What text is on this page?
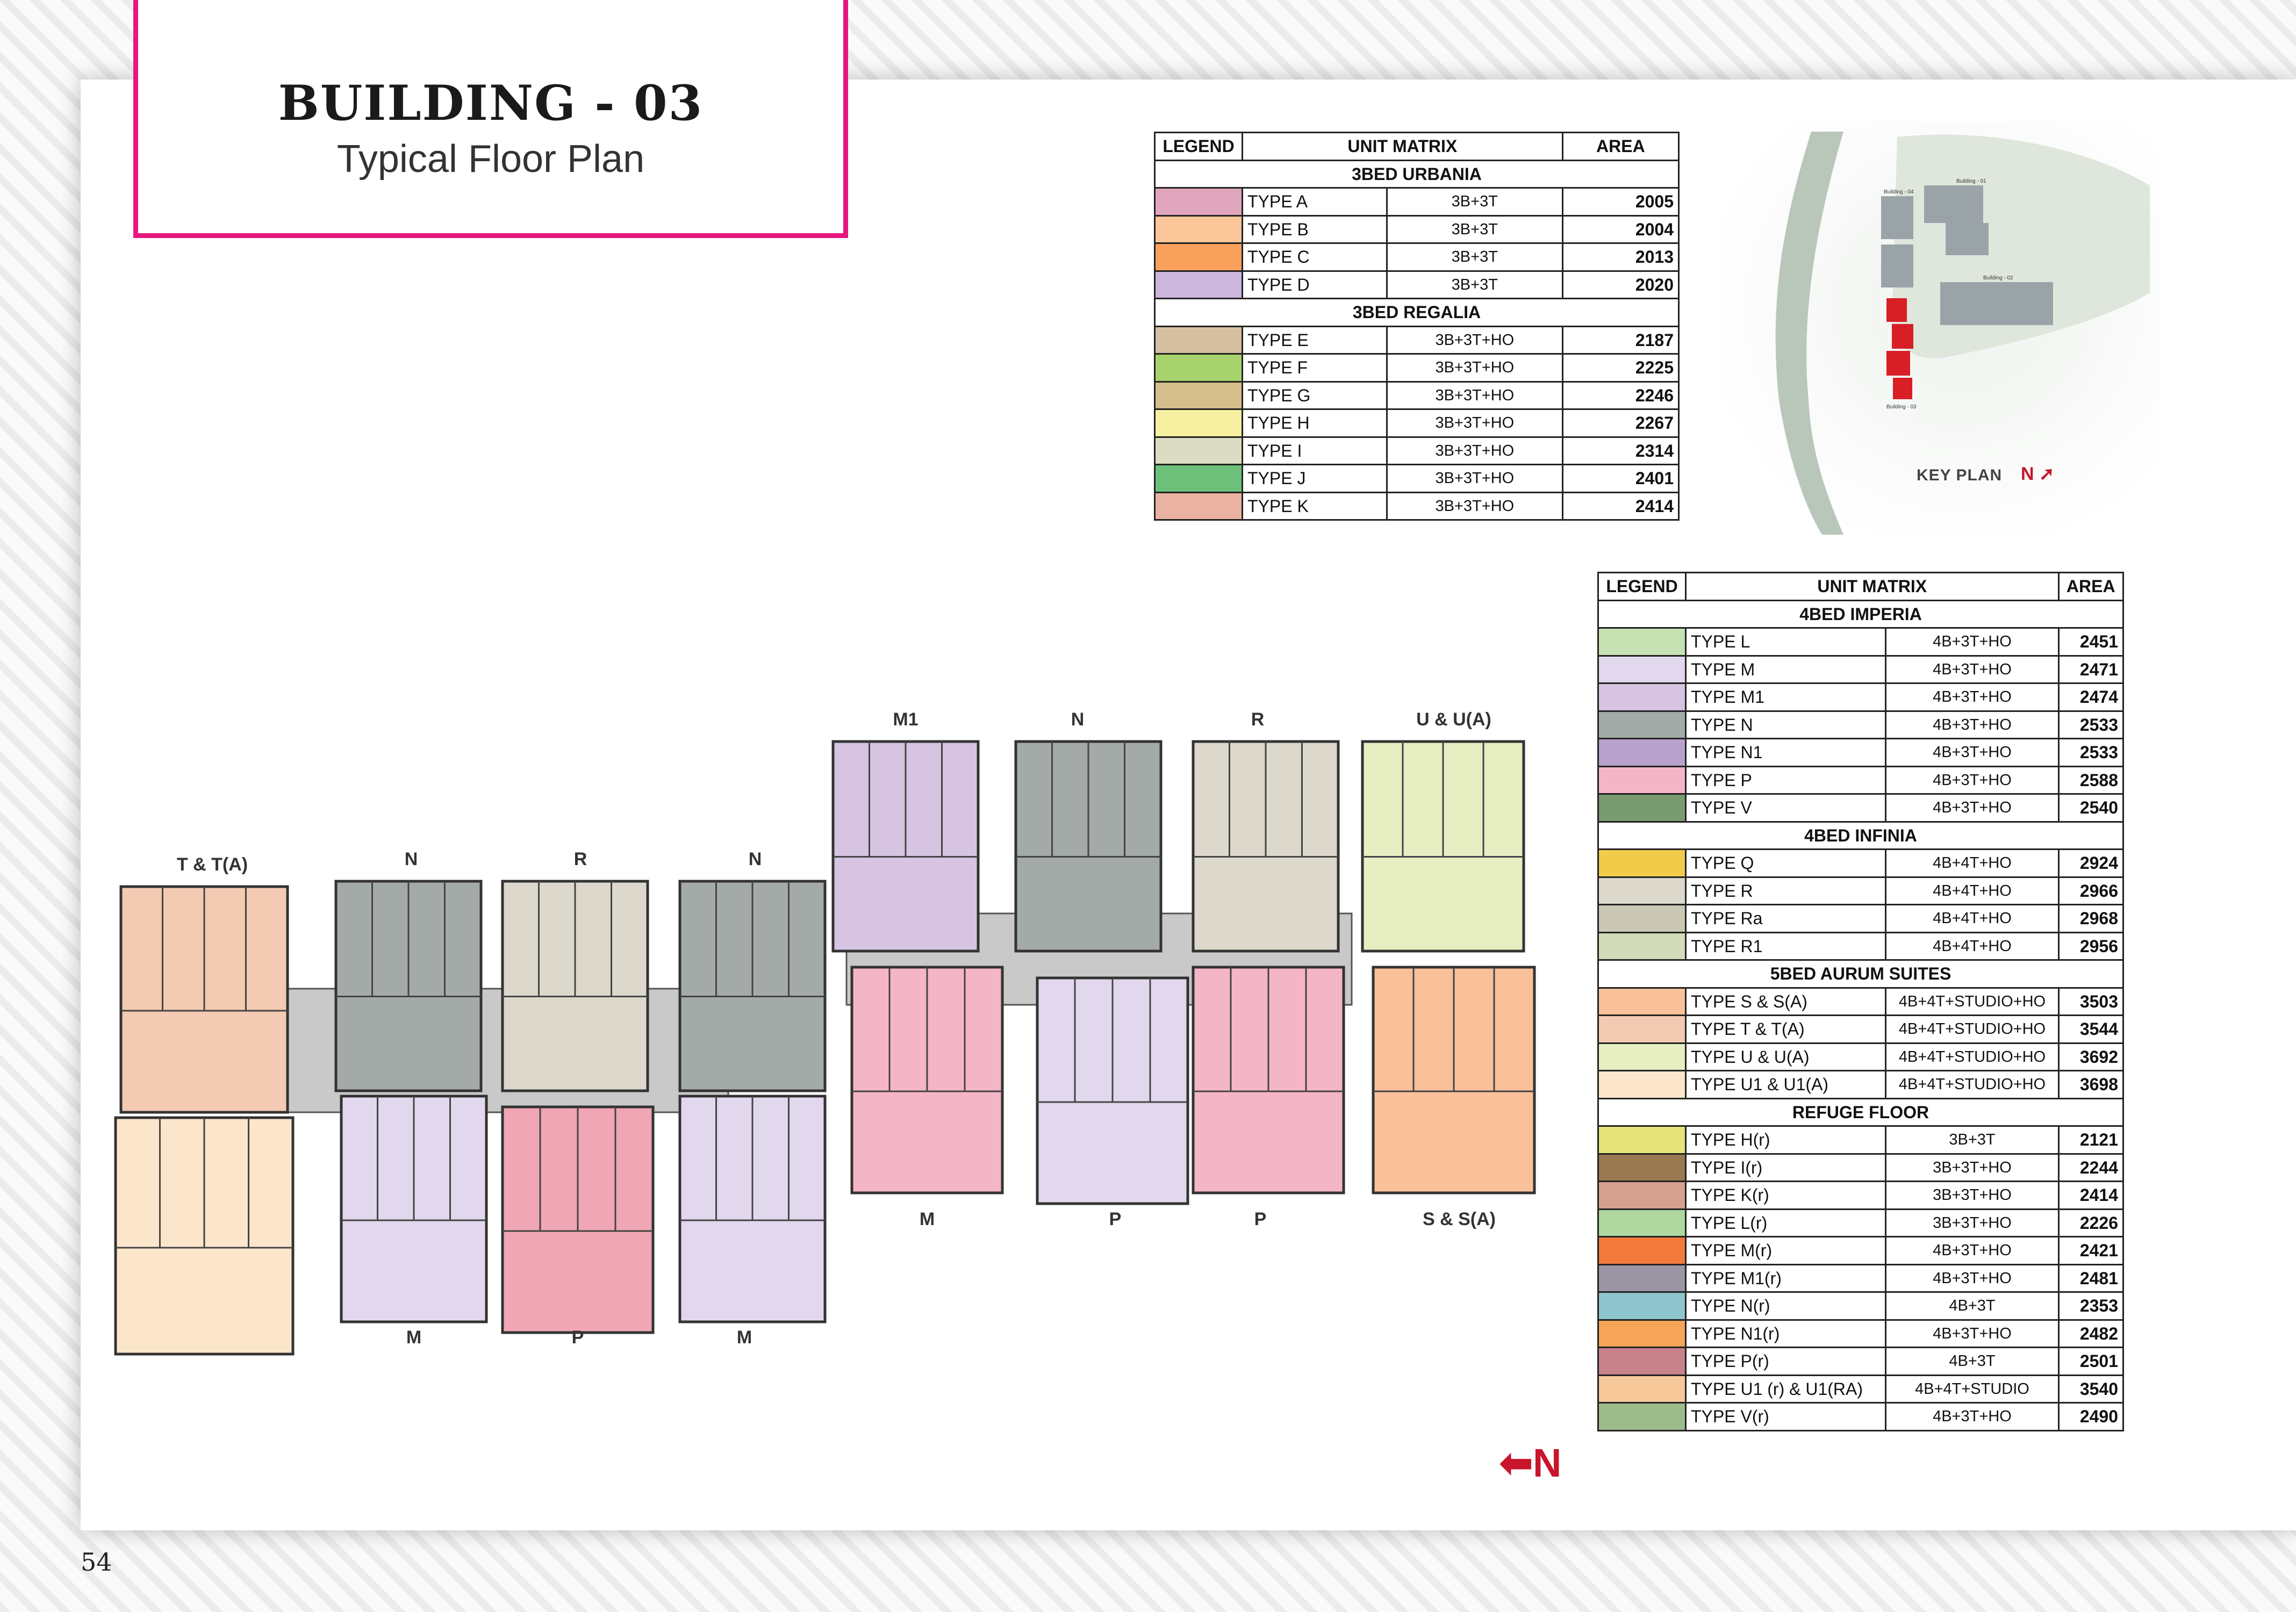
BUILDING - 03
Typical Floor Plan	LEGEND	UNIT MATRIX		AREA
3BED URBANIA			
	TYPE A	3B+3T	2005
	TYPE B	3B+3T	2004
	TYPE C	3B+3T	2013
	TYPE D	3B+3T	2020
3BED REGALIA			
	TYPE E	3B+3T+HO	2187
	TYPE F	3B+3T+HO	2225
	TYPE G	3B+3T+HO	2246
	TYPE H	3B+3T+HO	2267
	TYPE I	3B+3T+HO	2314
	TYPE J	3B+3T+HO	2401
	TYPE K	3B+3T+HO	2414
LEGEND	UNIT MATRIX		AREA
4BED IMPERIA			
	TYPE L	4B+3T+HO	2451
	TYPE M	4B+3T+HO	2471
	TYPE M1	4B+3T+HO	2474
	TYPE N	4B+3T+HO	2533
	TYPE N1	4B+3T+HO	2533
	TYPE P	4B+3T+HO	2588
	TYPE V	4B+3T+HO	2540
4BED INFINIA			
	TYPE Q	4B+4T+HO	2924
	TYPE R	4B+4T+HO	2966
	TYPE Ra	4B+4T+HO	2968
	TYPE R1	4B+4T+HO	2956
5BED AURUM SUITES			
	TYPE S & S(A)	4B+4T+STUDIO+HO	3503
	TYPE T & T(A)	4B+4T+STUDIO+HO	3544
	TYPE U & U(A)	4B+4T+STUDIO+HO	3692
	TYPE U1 & U1(A)	4B+4T+STUDIO+HO	3698
REFUGE FLOOR			
	TYPE H(r)	3B+3T	2121
	TYPE I(r)	3B+3T+HO	2244
	TYPE K(r)	3B+3T+HO	2414
	TYPE L(r)	3B+3T+HO	2226
	TYPE M(r)	4B+3T+HO	2421
	TYPE M1(r)	4B+3T+HO	2481
	TYPE N(r)	4B+3T	2353
	TYPE N1(r)	4B+3T+HO	2482
	TYPE P(r)	4B+3T	2501
	TYPE U1 (r) & U1(RA)	4B+4T+STUDIO	3540
	TYPE V(r)	4B+3T+HO	2490
Building - 04
Building - 01
Building - 02
Building - 03
KEY PLAN N ➚
T & T(A)	N	R	N
M1	N	R	U & U(A)
M	P	M
P
M	P	S & S(A)
⬅N
54
